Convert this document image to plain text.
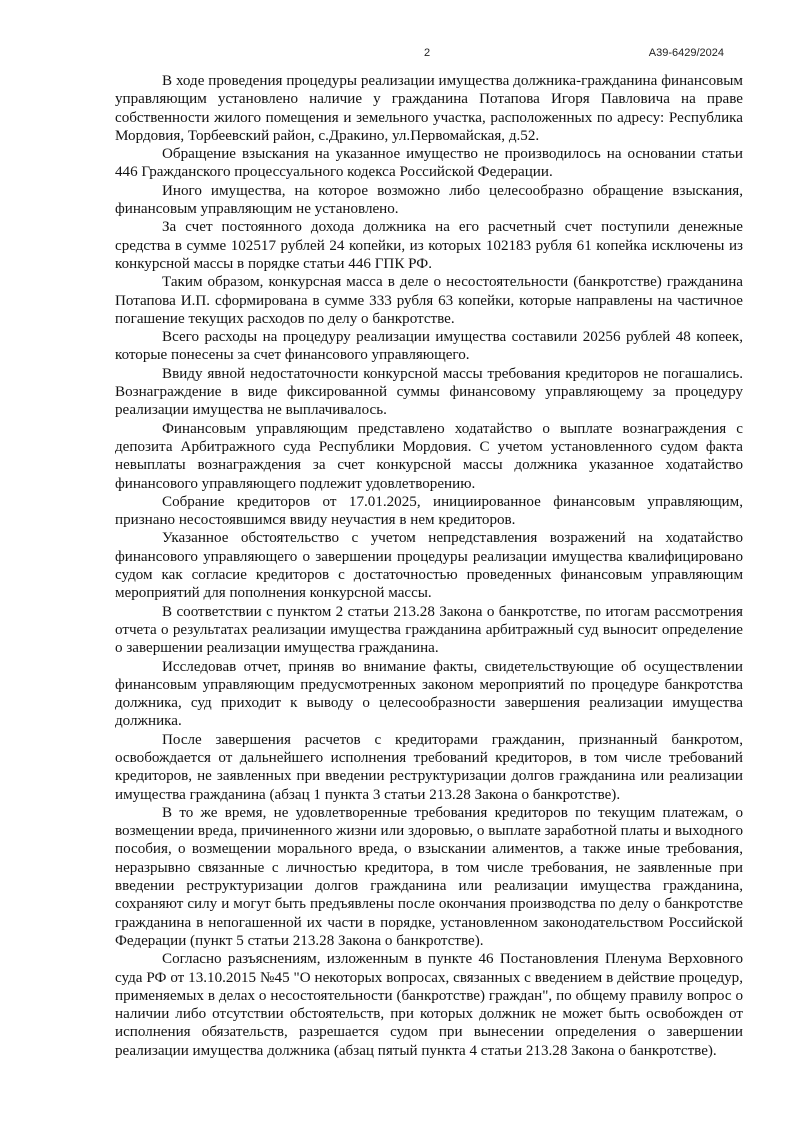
2	А39-6429/2024

В ходе проведения процедуры реализации имущества должника-гражданина финансовым управляющим установлено наличие у гражданина Потапова Игоря Павловича на праве собственности жилого помещения и земельного участка, расположенных по адресу: Республика Мордовия, Торбеевский район, с.Дракино, ул.Первомайская, д.52.

Обращение взыскания на указанное имущество не производилось на основании статьи 446 Гражданского процессуального кодекса Российской Федерации.

Иного имущества, на которое возможно либо целесообразно обращение взыскания, финансовым управляющим не установлено.

За счет постоянного дохода должника на его расчетный счет поступили денежные средства в сумме 102517 рублей 24 копейки, из которых 102183 рубля 61 копейка исключены из конкурсной массы в порядке статьи 446 ГПК РФ.

Таким образом, конкурсная масса в деле о несостоятельности (банкротстве) гражданина Потапова И.П. сформирована в сумме 333 рубля 63 копейки, которые направлены на частичное погашение текущих расходов по делу о банкротстве.

Всего расходы на процедуру реализации имущества составили 20256 рублей 48 копеек, которые понесены за счет финансового управляющего.

Ввиду явной недостаточности конкурсной массы требования кредиторов не погашались. Вознаграждение в виде фиксированной суммы финансовому управляющему за процедуру реализации имущества не выплачивалось.

Финансовым управляющим представлено ходатайство о выплате вознаграждения с депозита Арбитражного суда Республики Мордовия. С учетом установленного судом факта невыплаты вознаграждения за счет конкурсной массы должника указанное ходатайство финансового управляющего подлежит удовлетворению.

Собрание кредиторов от 17.01.2025, инициированное финансовым управляющим, признано несостоявшимся ввиду неучастия в нем кредиторов.

Указанное обстоятельство с учетом непредставления возражений на ходатайство финансового управляющего о завершении процедуры реализации имущества квалифицировано судом как согласие кредиторов с достаточностью проведенных финансовым управляющим мероприятий для пополнения конкурсной массы.

В соответствии с пунктом 2 статьи 213.28 Закона о банкротстве, по итогам рассмотрения отчета о результатах реализации имущества гражданина арбитражный суд выносит определение о завершении реализации имущества гражданина.

Исследовав отчет, приняв во внимание факты, свидетельствующие об осуществлении финансовым управляющим предусмотренных законом мероприятий по процедуре банкротства должника, суд приходит к выводу о целесообразности завершения реализации имущества должника.

После завершения расчетов с кредиторами гражданин, признанный банкротом, освобождается от дальнейшего исполнения требований кредиторов, в том числе требований кредиторов, не заявленных при введении реструктуризации долгов гражданина или реализации имущества гражданина (абзац 1 пункта 3 статьи 213.28 Закона о банкротстве).

В то же время, не удовлетворенные требования кредиторов по текущим платежам, о возмещении вреда, причиненного жизни или здоровью, о выплате заработной платы и выходного пособия, о возмещении морального вреда, о взыскании алиментов, а также иные требования, неразрывно связанные с личностью кредитора, в том числе требования, не заявленные при введении реструктуризации долгов гражданина или реализации имущества гражданина, сохраняют силу и могут быть предъявлены после окончания производства по делу о банкротстве гражданина в непогашенной их части в порядке, установленном законодательством Российской Федерации (пункт 5 статьи 213.28 Закона о банкротстве).

Согласно разъяснениям, изложенным в пункте 46 Постановления Пленума Верховного суда РФ от 13.10.2015 №45 "О некоторых вопросах, связанных с введением в действие процедур, применяемых в делах о несостоятельности (банкротстве) граждан", по общему правилу вопрос о наличии либо отсутствии обстоятельств, при которых должник не может быть освобожден от исполнения обязательств, разрешается судом при вынесении определения о завершении реализации имущества должника (абзац пятый пункта 4 статьи 213.28 Закона о банкротстве).
